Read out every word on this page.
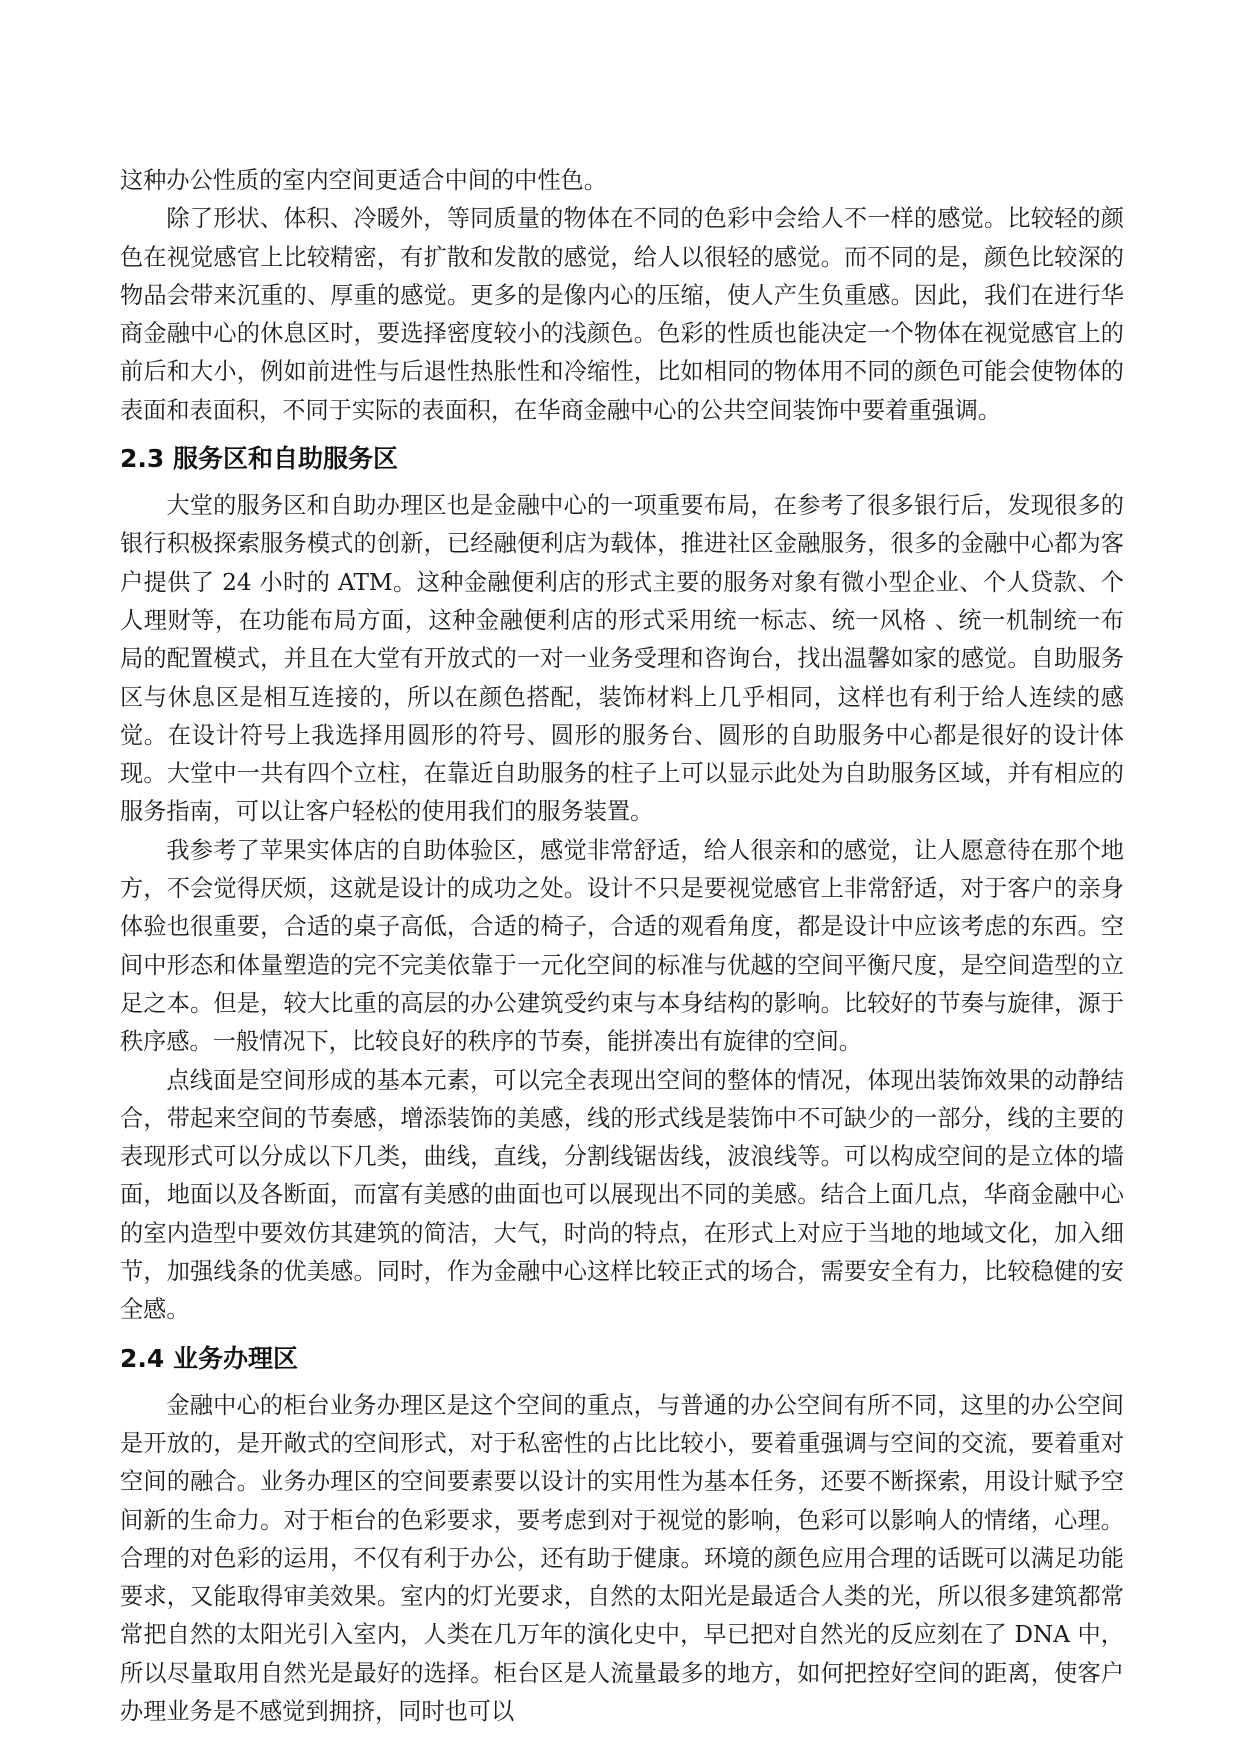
这种办公性质的室内空间更适合中间的中性色。

除了形状、体积、冷暖外，等同质量的物体在不同的色彩中会给人不一样的感觉。比较轻的颜色在视觉感官上比较精密，有扩散和发散的感觉，给人以很轻的感觉。而不同的是，颜色比较深的物品会带来沉重的、厚重的感觉。更多的是像内心的压缩，使人产生负重感。因此，我们在进行华商金融中心的休息区时，要选择密度较小的浅颜色。色彩的性质也能决定一个物体在视觉感官上的前后和大小，例如前进性与后退性热胀性和冷缩性，比如相同的物体用不同的颜色可能会使物体的表面和表面积，不同于实际的表面积，在华商金融中心的公共空间装饰中要着重强调。

2.3 服务区和自助服务区

大堂的服务区和自助办理区也是金融中心的一项重要布局，在参考了很多银行后，发现很多的银行积极探索服务模式的创新，已经融便利店为载体，推进社区金融服务，很多的金融中心都为客户提供了 24 小时的 ATM。这种金融便利店的形式主要的服务对象有微小型企业、个人贷款、个人理财等，在功能布局方面，这种金融便利店的形式采用统一标志、统一风格 、统一机制统一布局的配置模式，并且在大堂有开放式的一对一业务受理和咨询台，找出温馨如家的感觉。自助服务区与休息区是相互连接的，所以在颜色搭配，装饰材料上几乎相同，这样也有利于给人连续的感觉。在设计符号上我选择用圆形的符号、圆形的服务台、圆形的自助服务中心都是很好的设计体现。大堂中一共有四个立柱，在靠近自助服务的柱子上可以显示此处为自助服务区域，并有相应的服务指南，可以让客户轻松的使用我们的服务装置。

我参考了苹果实体店的自助体验区，感觉非常舒适，给人很亲和的感觉，让人愿意待在那个地方，不会觉得厌烦，这就是设计的成功之处。设计不只是要视觉感官上非常舒适，对于客户的亲身体验也很重要，合适的桌子高低，合适的椅子，合适的观看角度，都是设计中应该考虑的东西。空间中形态和体量塑造的完不完美依靠于一元化空间的标准与优越的空间平衡尺度，是空间造型的立足之本。但是，较大比重的高层的办公建筑受约束与本身结构的影响。比较好的节奏与旋律，源于秩序感。一般情况下，比较良好的秩序的节奏，能拼凑出有旋律的空间。

点线面是空间形成的基本元素，可以完全表现出空间的整体的情况，体现出装饰效果的动静结合，带起来空间的节奏感，增添装饰的美感，线的形式线是装饰中不可缺少的一部分，线的主要的表现形式可以分成以下几类，曲线，直线，分割线锯齿线，波浪线等。可以构成空间的是立体的墙面，地面以及各断面，而富有美感的曲面也可以展现出不同的美感。结合上面几点，华商金融中心的室内造型中要效仿其建筑的简洁，大气，时尚的特点，在形式上对应于当地的地域文化，加入细节，加强线条的优美感。同时，作为金融中心这样比较正式的场合，需要安全有力，比较稳健的安全感。

2.4 业务办理区

金融中心的柜台业务办理区是这个空间的重点，与普通的办公空间有所不同，这里的办公空间是开放的，是开敞式的空间形式，对于私密性的占比比较小，要着重强调与空间的交流，要着重对空间的融合。业务办理区的空间要素要以设计的实用性为基本任务，还要不断探索，用设计赋予空间新的生命力。对于柜台的色彩要求，要考虑到对于视觉的影响，色彩可以影响人的情绪，心理。合理的对色彩的运用，不仅有利于办公，还有助于健康。环境的颜色应用合理的话既可以满足功能要求，又能取得审美效果。室内的灯光要求，自然的太阳光是最适合人类的光，所以很多建筑都常常把自然的太阳光引入室内，人类在几万年的演化史中，早已把对自然光的反应刻在了 DNA 中，所以尽量取用自然光是最好的选择。柜台区是人流量最多的地方，如何把控好空间的距离，使客户办理业务是不感觉到拥挤，同时也可以
